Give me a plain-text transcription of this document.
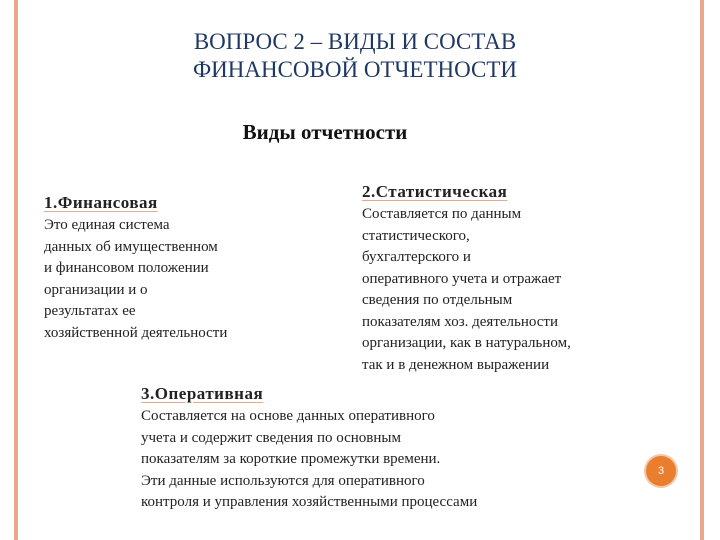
ВОПРОС 2 – ВИДЫ И СОСТАВ
ФИНАНСОВОЙ ОТЧЕТНОСТИ
Виды отчетности
1.Финансовая
Это единая система
данных об имущественном
и финансовом положении
организации и о
результатах ее
хозяйственной деятельности
2.Статистическая
Составляется по данным
статистического,
бухгалтерского и
оперативного учета и отражает
сведения по отдельным
показателям хоз. деятельности
организации, как в натуральном,
так и в денежном выражении
3.Оперативная
Составляется на основе данных оперативного
учета и содержит сведения по основным
показателям за короткие промежутки времени.
Эти данные используются для оперативного
контроля и управления хозяйственными процессами
3
